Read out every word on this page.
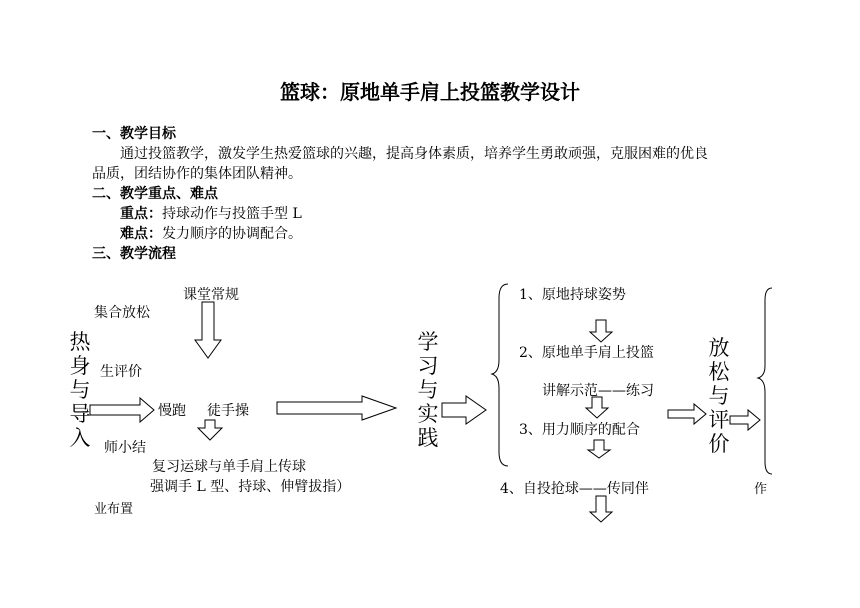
篮球：原地单手肩上投篮教学设计
一、教学目标
通过投篮教学，激发学生热爱篮球的兴趣，提高身体素质，培养学生勇敢顽强，克服困难的优良
品质，团结协作的集体团队精神。
二、教学重点、难点
重点：持球动作与投篮手型 L
难点：发力顺序的协调配合。
三、教学流程
课堂常规
集合放松
生评价
慢跑 徒手操
师小结
复习运球与单手肩上传球
强调手 L 型、持球、伸臂拔指）
业布置
热
身
与
导
入
学
习
与
实
践
放
松
与
评
价
1、原地持球姿势
2、原地单手肩上投篮
讲解示范——练习
3、用力顺序的配合
4、自投抢球——传同伴	作
